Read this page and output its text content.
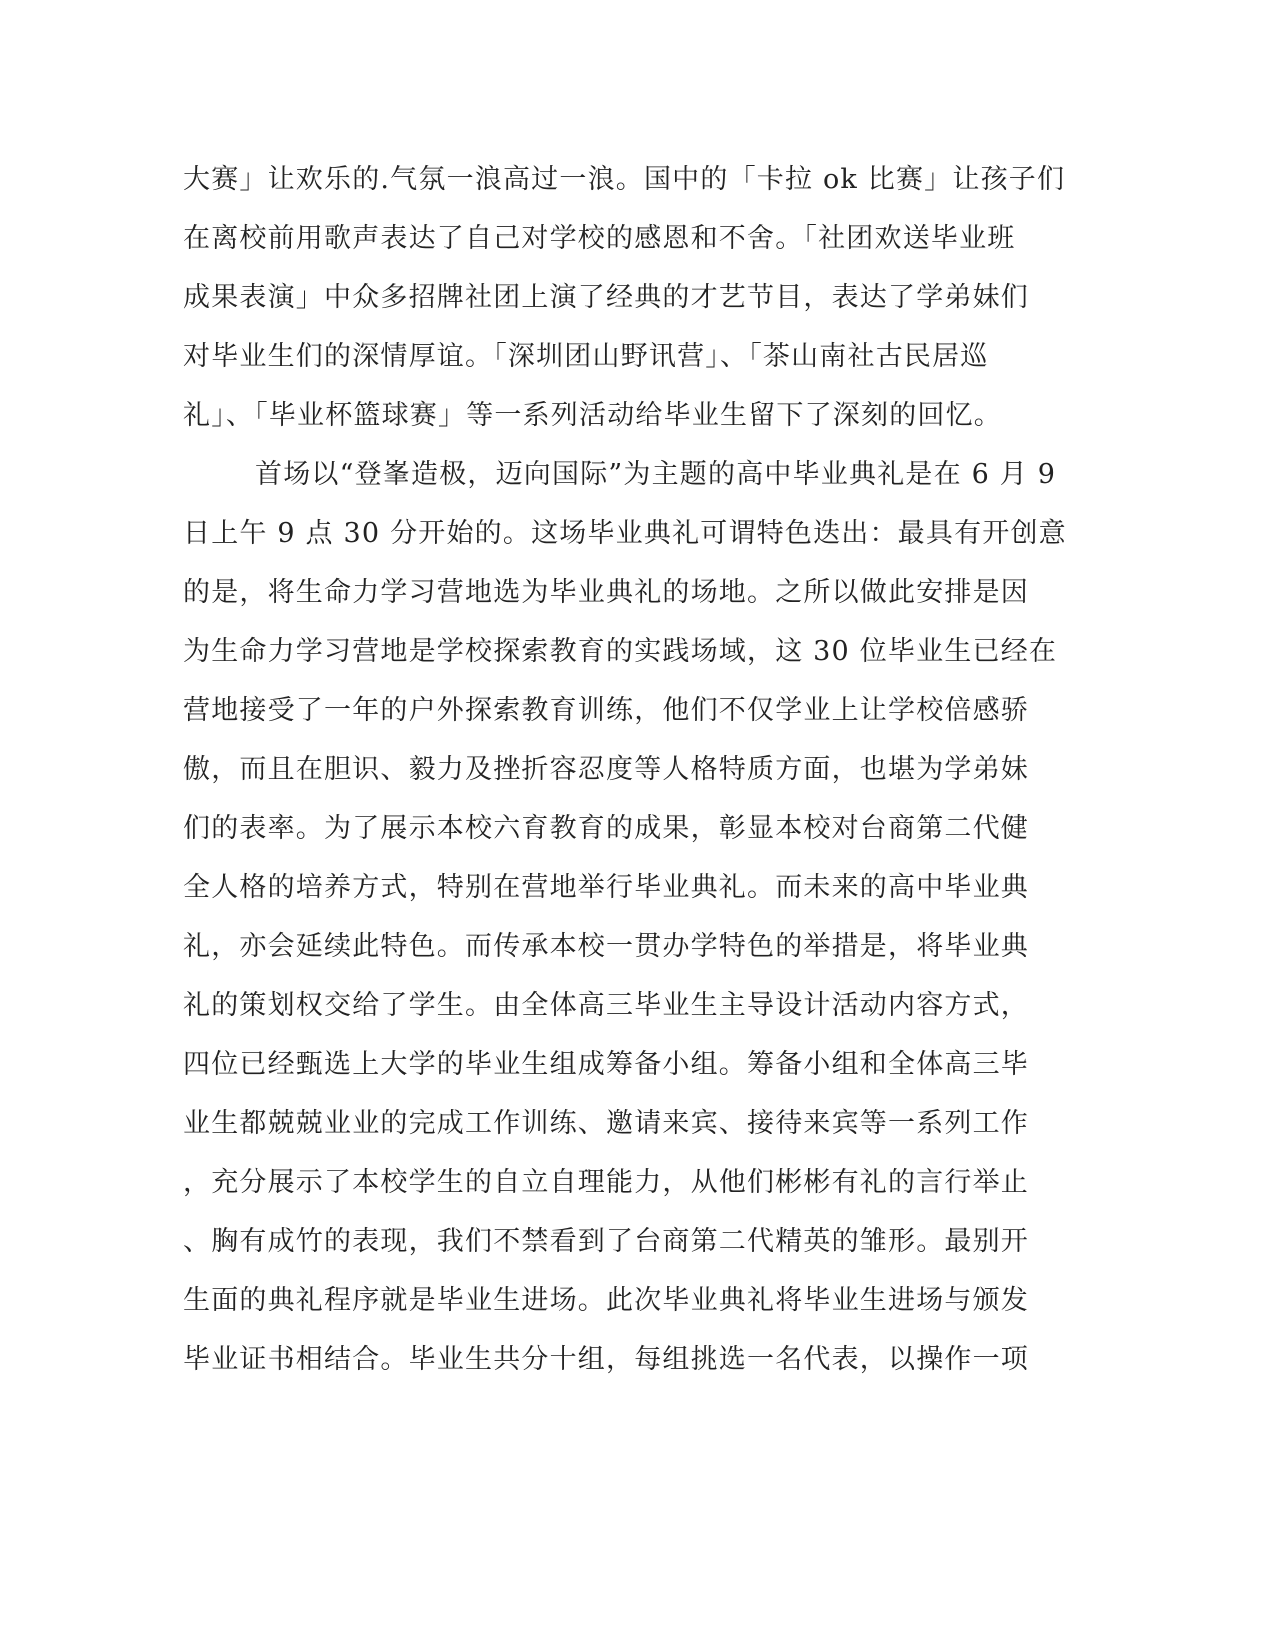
大赛」让欢乐的.气氛一浪高过一浪。国中的「卡拉 ok 比赛」让孩子们
在离校前用歌声表达了自己对学校的感恩和不舍。「社团欢送毕业班
成果表演」中众多招牌社团上演了经典的才艺节目，表达了学弟妹们
对毕业生们的深情厚谊。「深圳团山野讯营」、「茶山南社古民居巡
礼」、「毕业杯篮球赛」等一系列活动给毕业生留下了深刻的回忆。
首场以“登峯造极，迈向国际”为主题的高中毕业典礼是在 6 月 9
日上午 9 点 30 分开始的。这场毕业典礼可谓特色迭出：最具有开创意
的是，将生命力学习营地选为毕业典礼的场地。之所以做此安排是因
为生命力学习营地是学校探索教育的实践场域，这 30 位毕业生已经在
营地接受了一年的户外探索教育训练，他们不仅学业上让学校倍感骄
傲，而且在胆识、毅力及挫折容忍度等人格特质方面，也堪为学弟妹
们的表率。为了展示本校六育教育的成果，彰显本校对台商第二代健
全人格的培养方式，特别在营地举行毕业典礼。而未来的高中毕业典
礼，亦会延续此特色。而传承本校一贯办学特色的举措是，将毕业典
礼的策划权交给了学生。由全体高三毕业生主导设计活动内容方式，
四位已经甄选上大学的毕业生组成筹备小组。筹备小组和全体高三毕
业生都兢兢业业的完成工作训练、邀请来宾、接待来宾等一系列工作
，充分展示了本校学生的自立自理能力，从他们彬彬有礼的言行举止
、胸有成竹的表现，我们不禁看到了台商第二代精英的雏形。最别开
生面的典礼程序就是毕业生进场。此次毕业典礼将毕业生进场与颁发
毕业证书相结合。毕业生共分十组，每组挑选一名代表，以操作一项
